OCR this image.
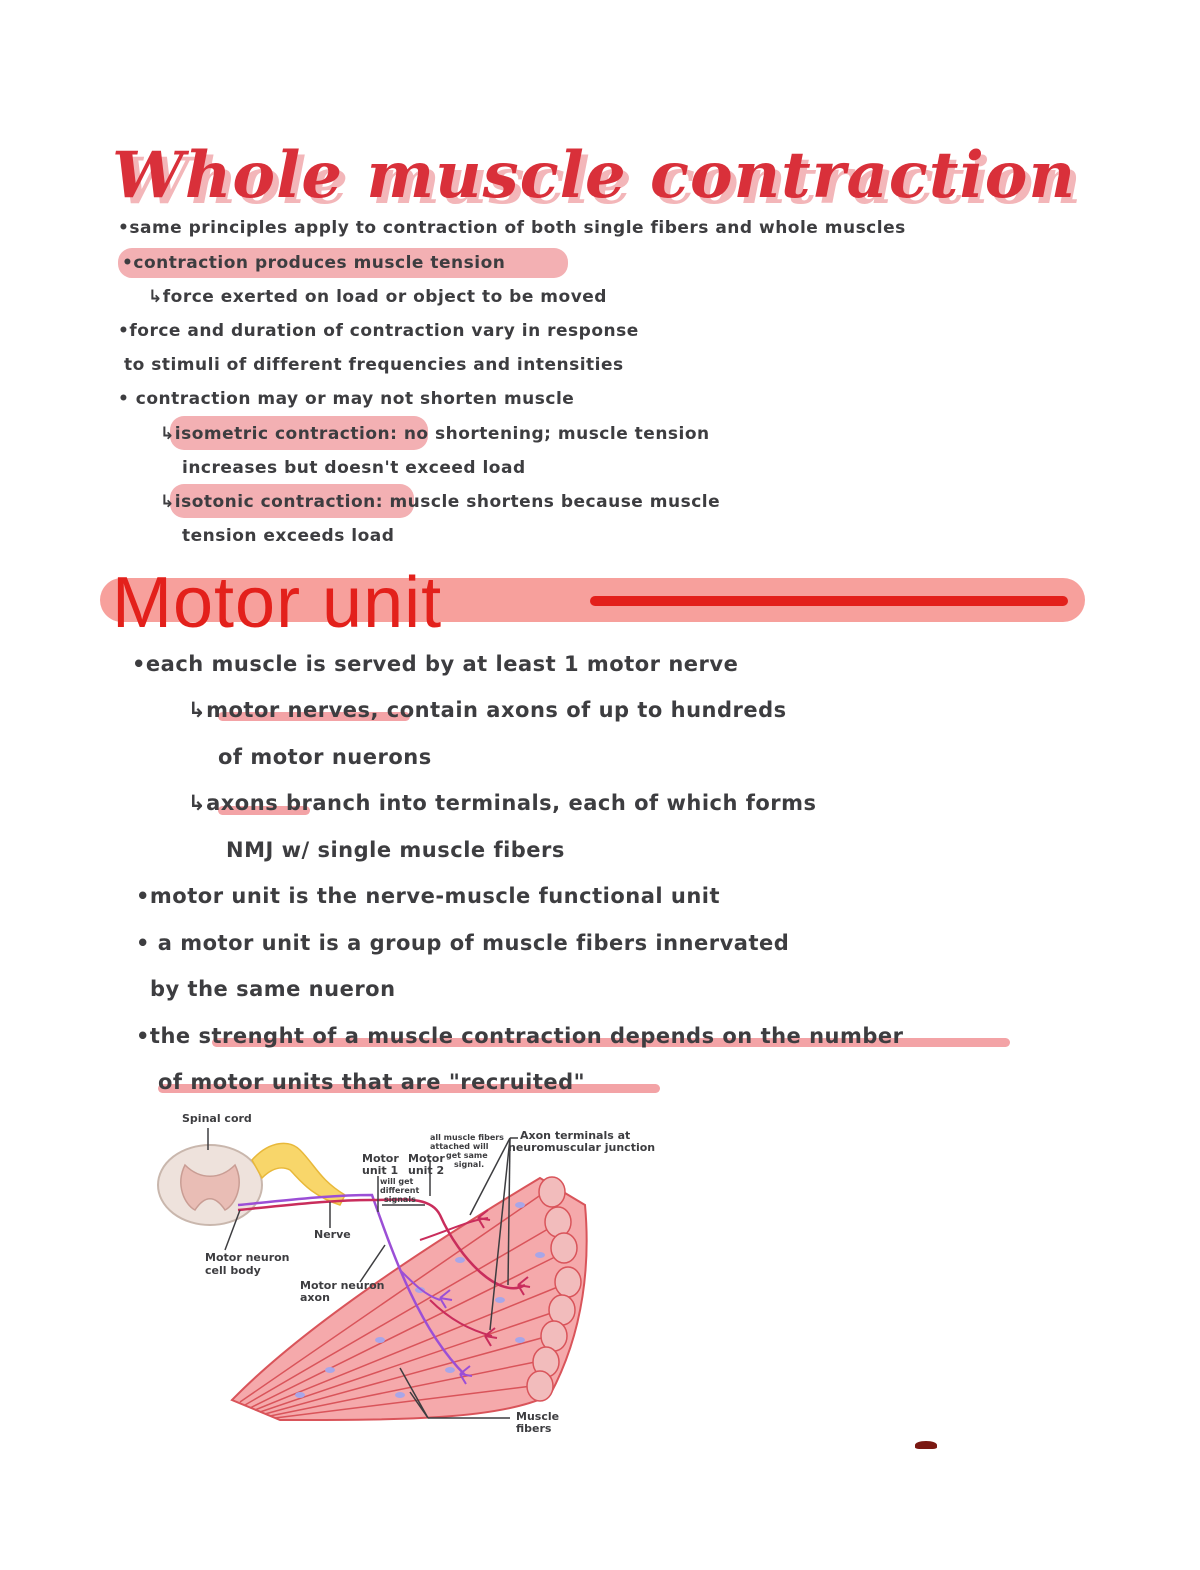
Whole muscle contraction
•same principles apply to contraction of both single fibers and whole muscles
•contraction produces muscle tension
↳force exerted on load or object to be moved
•force and duration of contraction vary in response
to stimuli of different frequencies and intensities
• contraction may or may not shorten muscle
↳isometric contraction: no shortening; muscle tension
increases but doesn't exceed load
↳isotonic contraction: muscle shortens because muscle
tension exceeds load
Motor unit
•each muscle is served by at least 1 motor nerve
↳motor nerves, contain axons of up to hundreds
of motor nuerons
↳axons branch into terminals, each of which forms
NMJ w/ single muscle fibers
•motor unit is the nerve-muscle functional unit
• a motor unit is a group of muscle fibers innervated
by the same nueron
•the strenght of a muscle contraction depends on the number
of motor units that are "recruited"
Spinal cord
Motor neuron
cell body
Nerve
Motor
unit 1
Motor
unit 2
Axon terminals at
neuromuscular junction
Motor neuron
axon
Muscle
fibers
all muscle fibers
attached will
get same
signal.
will get
different
signals
